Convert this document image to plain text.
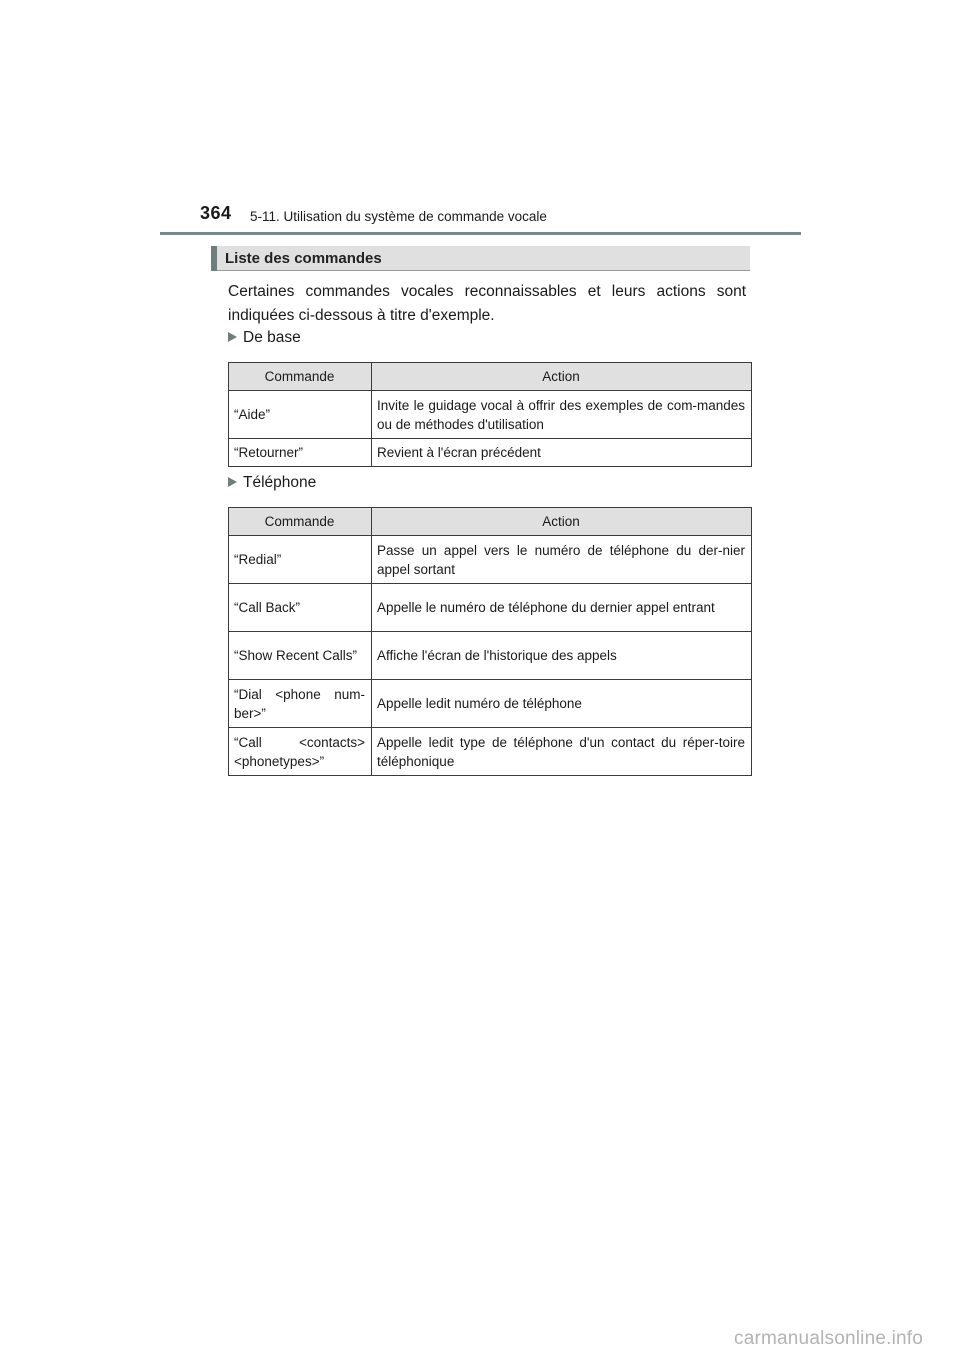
364 5-11. Utilisation du système de commande vocale
Liste des commandes
Certaines commandes vocales reconnaissables et leurs actions sont indiquées ci-dessous à titre d'exemple.
De base
Commande	Action
“Aide”	Invite le guidage vocal à offrir des exemples de com-mandes ou de méthodes d'utilisation
“Retourner”	Revient à l'écran précédent
Téléphone
Commande	Action
“Redial”	Passe un appel vers le numéro de téléphone du der-nier appel sortant
“Call Back”	Appelle le numéro de téléphone du dernier appel entrant
“Show Recent Calls”	Affiche l'écran de l'historique des appels
“Dial <phone num-ber>”	Appelle ledit numéro de téléphone
“Call <contacts> <phonetypes>”	Appelle ledit type de téléphone d'un contact du réper-toire téléphonique
carmanualsonline.info
